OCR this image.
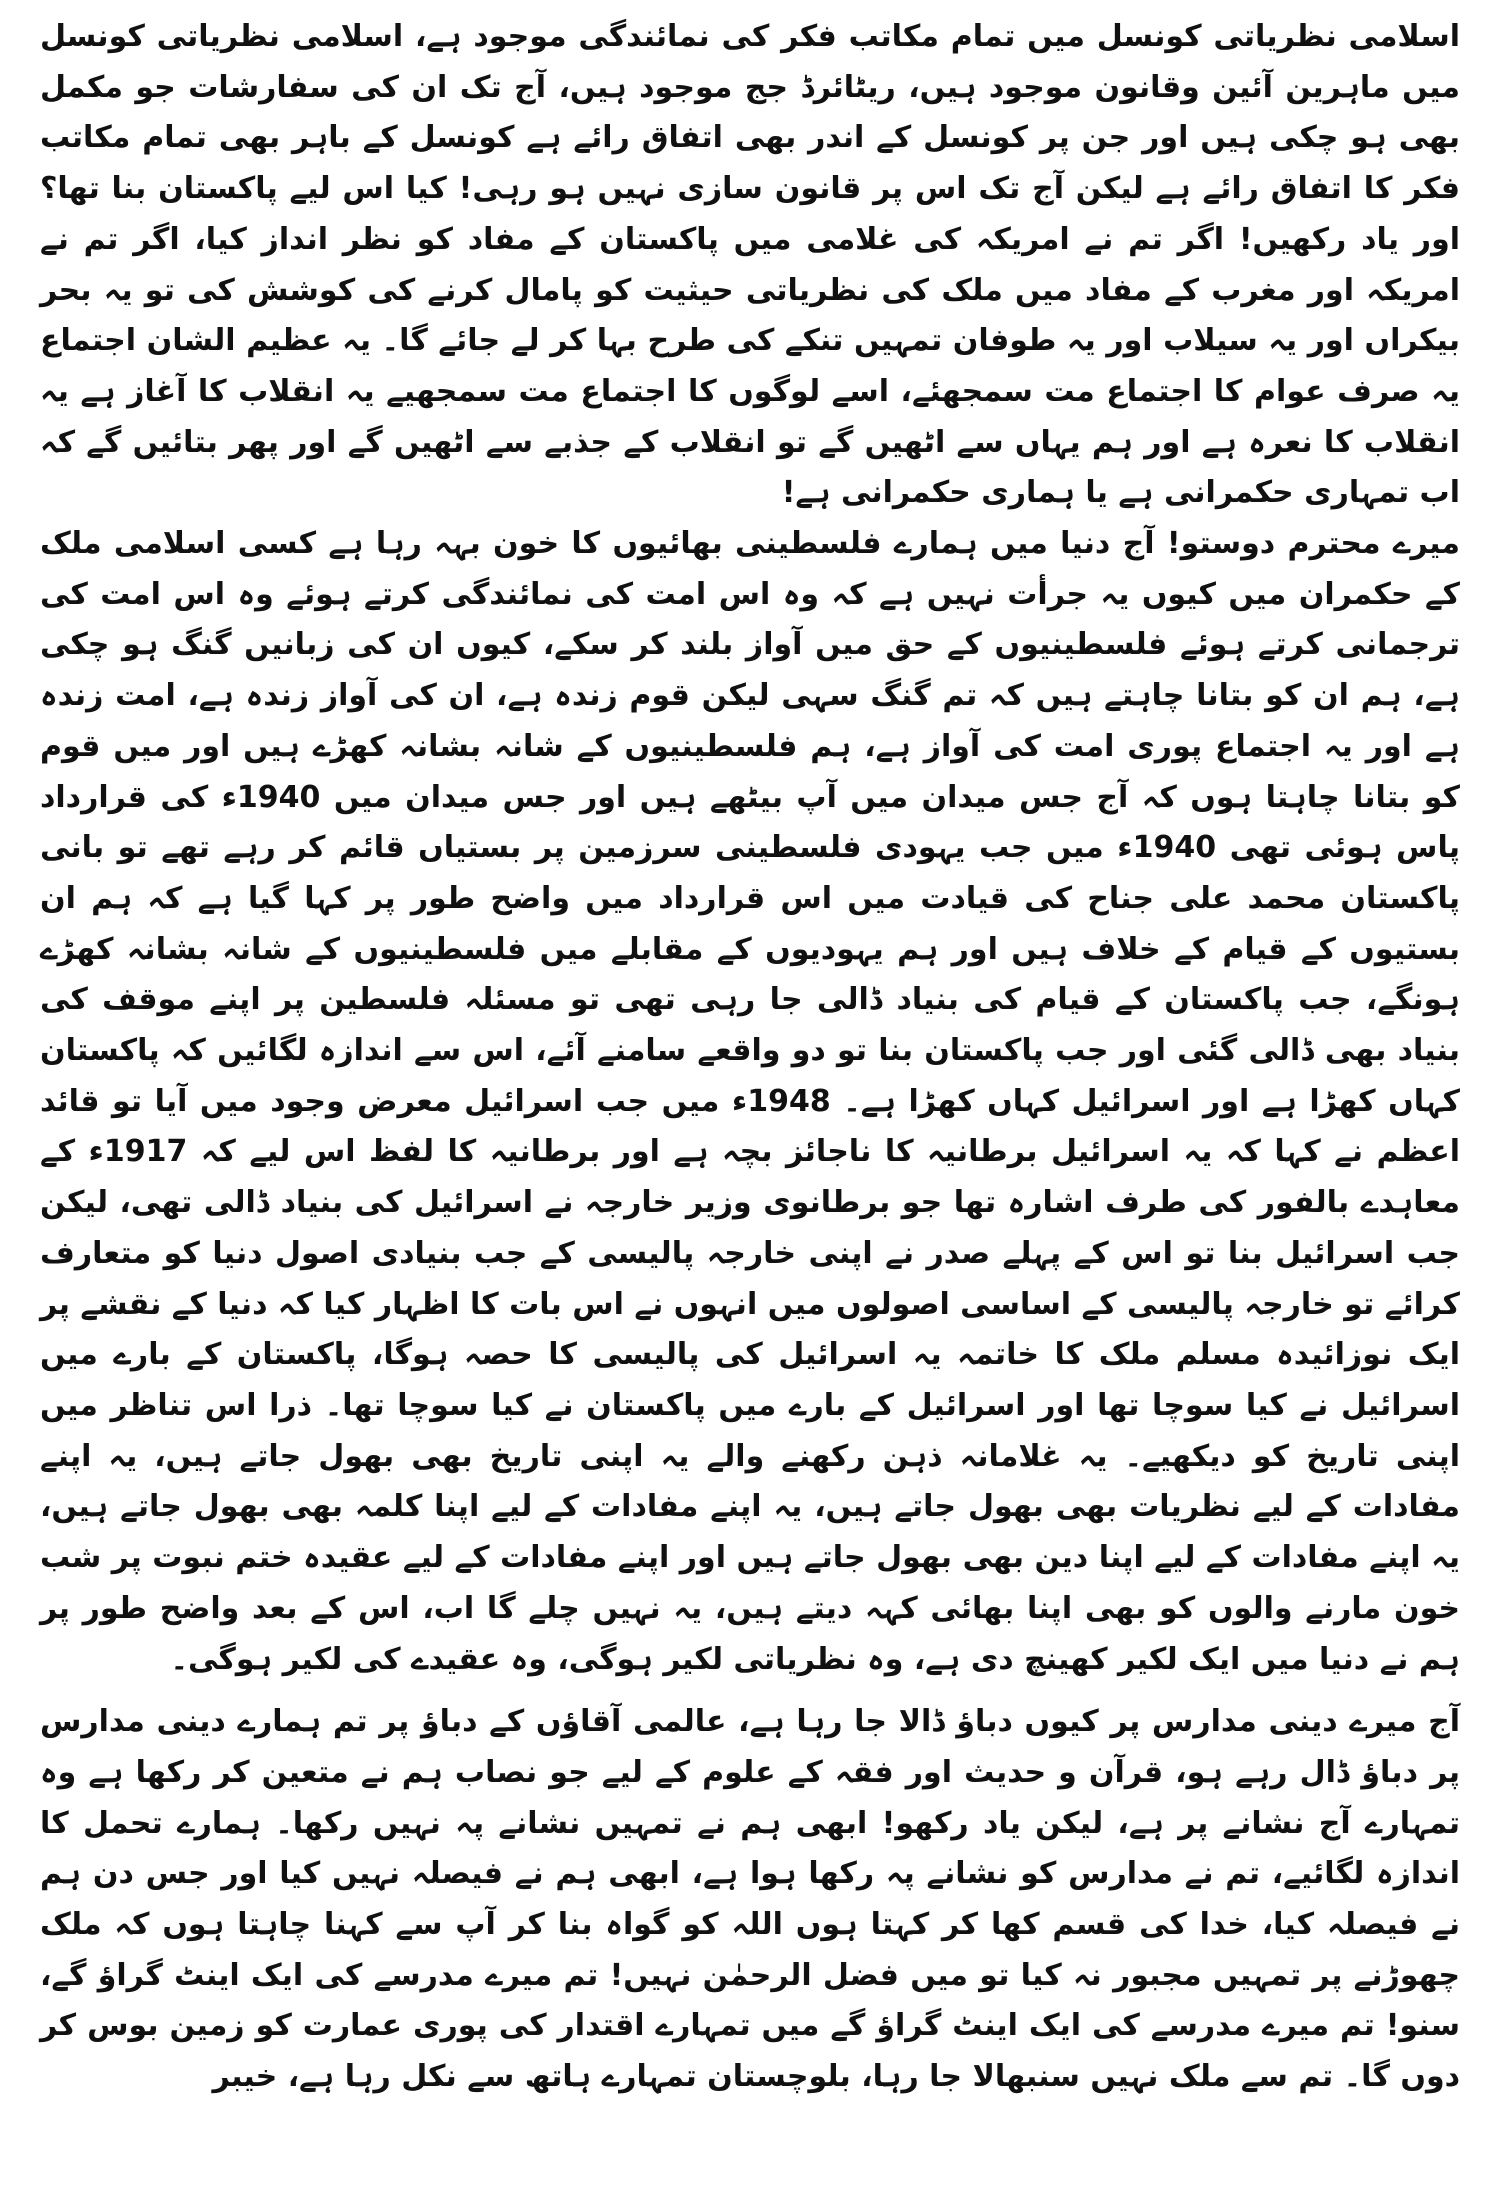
اسلامی نظریاتی کونسل میں تمام مکاتب فکر کی نمائندگی موجود ہے، اسلامی نظریاتی کونسل میں ماہرین آئین وقانون موجود ہیں، ریٹائرڈ جج موجود ہیں، آج تک ان کی سفارشات جو مکمل بھی ہو چکی ہیں اور جن پر کونسل کے اندر بھی اتفاق رائے ہے کونسل کے باہر بھی تمام مکاتب فکر کا اتفاق رائے ہے لیکن آج تک اس پر قانون سازی نہیں ہو رہی! کیا اس لیے پاکستان بنا تھا؟ اور یاد رکھیں! اگر تم نے امریکہ کی غلامی میں پاکستان کے مفاد کو نظر انداز کیا، اگر تم نے امریکہ اور مغرب کے مفاد میں ملک کی نظریاتی حیثیت کو پامال کرنے کی کوشش کی تو یہ بحر بیکراں اور یہ سیلاب اور یہ طوفان تمہیں تنکے کی طرح بہا کر لے جائے گا۔ یہ عظیم الشان اجتماع یہ صرف عوام کا اجتماع مت سمجھئے، اسے لوگوں کا اجتماع مت سمجھیے یہ انقلاب کا آغاز ہے یہ انقلاب کا نعرہ ہے اور ہم یہاں سے اٹھیں گے تو انقلاب کے جذبے سے اٹھیں گے اور پھر بتائیں گے کہ اب تمہاری حکمرانی ہے یا ہماری حکمرانی ہے!

میرے محترم دوستو! آج دنیا میں ہمارے فلسطینی بھائیوں کا خون بہہ رہا ہے کسی اسلامی ملک کے حکمران میں کیوں یہ جرأت نہیں ہے کہ وہ اس امت کی نمائندگی کرتے ہوئے وہ اس امت کی ترجمانی کرتے ہوئے فلسطینیوں کے حق میں آواز بلند کر سکے، کیوں ان کی زبانیں گنگ ہو چکی ہے، ہم ان کو بتانا چاہتے ہیں کہ تم گنگ سہی لیکن قوم زندہ ہے، ان کی آواز زندہ ہے، امت زندہ ہے اور یہ اجتماع پوری امت کی آواز ہے، ہم فلسطینیوں کے شانہ بشانہ کھڑے ہیں اور میں قوم کو بتانا چاہتا ہوں کہ آج جس میدان میں آپ بیٹھے ہیں اور جس میدان میں 1940ء کی قرارداد پاس ہوئی تھی 1940ء میں جب یہودی فلسطینی سرزمین پر بستیاں قائم کر رہے تھے تو بانی پاکستان محمد علی جناح کی قیادت میں اس قرارداد میں واضح طور پر کہا گیا ہے کہ ہم ان بستیوں کے قیام کے خلاف ہیں اور ہم یہودیوں کے مقابلے میں فلسطینیوں کے شانہ بشانہ کھڑے ہونگے، جب پاکستان کے قیام کی بنیاد ڈالی جا رہی تھی تو مسئلہ فلسطین پر اپنے موقف کی بنیاد بھی ڈالی گئی اور جب پاکستان بنا تو دو واقعے سامنے آئے، اس سے اندازہ لگائیں کہ پاکستان کہاں کھڑا ہے اور اسرائیل کہاں کھڑا ہے۔ 1948ء میں جب اسرائیل معرض وجود میں آیا تو قائد اعظم نے کہا کہ یہ اسرائیل برطانیہ کا ناجائز بچہ ہے اور برطانیہ کا لفظ اس لیے کہ 1917ء کے معاہدے بالفور کی طرف اشارہ تھا جو برطانوی وزیر خارجہ نے اسرائیل کی بنیاد ڈالی تھی، لیکن جب اسرائیل بنا تو اس کے پہلے صدر نے اپنی خارجہ پالیسی کے جب بنیادی اصول دنیا کو متعارف کرائے تو خارجہ پالیسی کے اساسی اصولوں میں انہوں نے اس بات کا اظہار کیا کہ دنیا کے نقشے پر ایک نوزائیدہ مسلم ملک کا خاتمہ یہ اسرائیل کی پالیسی کا حصہ ہوگا، پاکستان کے بارے میں اسرائیل نے کیا سوچا تھا اور اسرائیل کے بارے میں پاکستان نے کیا سوچا تھا۔ ذرا اس تناظر میں اپنی تاریخ کو دیکھیے۔ یہ غلامانہ ذہن رکھنے والے یہ اپنی تاریخ بھی بھول جاتے ہیں، یہ اپنے مفادات کے لیے نظریات بھی بھول جاتے ہیں، یہ اپنے مفادات کے لیے اپنا کلمہ بھی بھول جاتے ہیں، یہ اپنے مفادات کے لیے اپنا دین بھی بھول جاتے ہیں اور اپنے مفادات کے لیے عقیدہ ختم نبوت پر شب خون مارنے والوں کو بھی اپنا بھائی کہہ دیتے ہیں، یہ نہیں چلے گا اب، اس کے بعد واضح طور پر ہم نے دنیا میں ایک لکیر کھینچ دی ہے، وہ نظریاتی لکیر ہوگی، وہ عقیدے کی لکیر ہوگی۔

آج میرے دینی مدارس پر کیوں دباؤ ڈالا جا رہا ہے، عالمی آقاؤں کے دباؤ پر تم ہمارے دینی مدارس پر دباؤ ڈال رہے ہو، قرآن و حدیث اور فقہ کے علوم کے لیے جو نصاب ہم نے متعین کر رکھا ہے وہ تمہارے آج نشانے پر ہے، لیکن یاد رکھو! ابھی ہم نے تمہیں نشانے پہ نہیں رکھا۔ ہمارے تحمل کا اندازہ لگائیے، تم نے مدارس کو نشانے پہ رکھا ہوا ہے، ابھی ہم نے فیصلہ نہیں کیا اور جس دن ہم نے فیصلہ کیا، خدا کی قسم کھا کر کہتا ہوں اللہ کو گواہ بنا کر آپ سے کہنا چاہتا ہوں کہ ملک چھوڑنے پر تمہیں مجبور نہ کیا تو میں فضل الرحمٰن نہیں! تم میرے مدرسے کی ایک اینٹ گراؤ گے، سنو! تم میرے مدرسے کی ایک اینٹ گراؤ گے میں تمہارے اقتدار کی پوری عمارت کو زمین بوس کر دوں گا۔ تم سے ملک نہیں سنبھالا جا رہا، بلوچستان تمہارے ہاتھ سے نکل رہا ہے، خیبر
